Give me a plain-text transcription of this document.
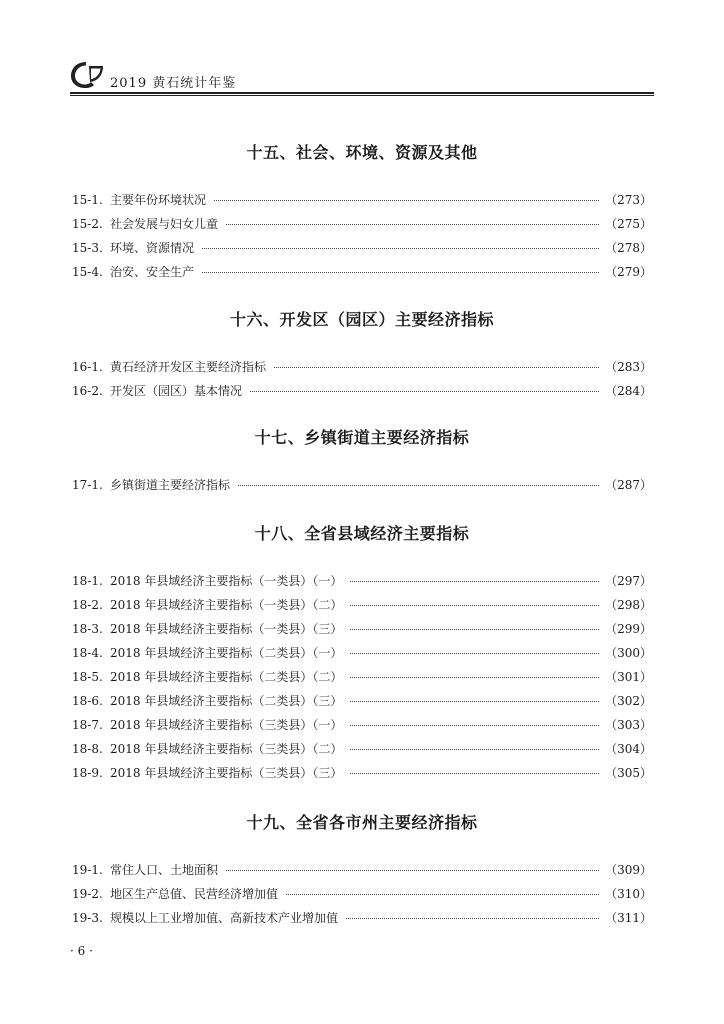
2019 黄石统计年鉴
十五、社会、环境、资源及其他
15-1. 主要年份环境状况	（273）
15-2. 社会发展与妇女儿童	（275）
15-3. 环境、资源情况	（278）
15-4. 治安、安全生产	（279）
十六、开发区（园区）主要经济指标
16-1. 黄石经济开发区主要经济指标	（283）
16-2. 开发区（园区）基本情况	（284）
十七、乡镇街道主要经济指标
17-1. 乡镇街道主要经济指标	（287）
十八、全省县域经济主要指标
18-1. 2018 年县域经济主要指标（一类县）（一）	（297）
18-2. 2018 年县域经济主要指标（一类县）（二）	（298）
18-3. 2018 年县域经济主要指标（一类县）（三）	（299）
18-4. 2018 年县域经济主要指标（二类县）（一）	（300）
18-5. 2018 年县域经济主要指标（二类县）（二）	（301）
18-6. 2018 年县域经济主要指标（二类县）（三）	（302）
18-7. 2018 年县域经济主要指标（三类县）（一）	（303）
18-8. 2018 年县域经济主要指标（三类县）（二）	（304）
18-9. 2018 年县域经济主要指标（三类县）（三）	（305）
十九、全省各市州主要经济指标
19-1. 常住人口、土地面积	（309）
19-2. 地区生产总值、民营经济增加值	（310）
19-3. 规模以上工业增加值、高新技术产业增加值	（311）
· 6 ·
